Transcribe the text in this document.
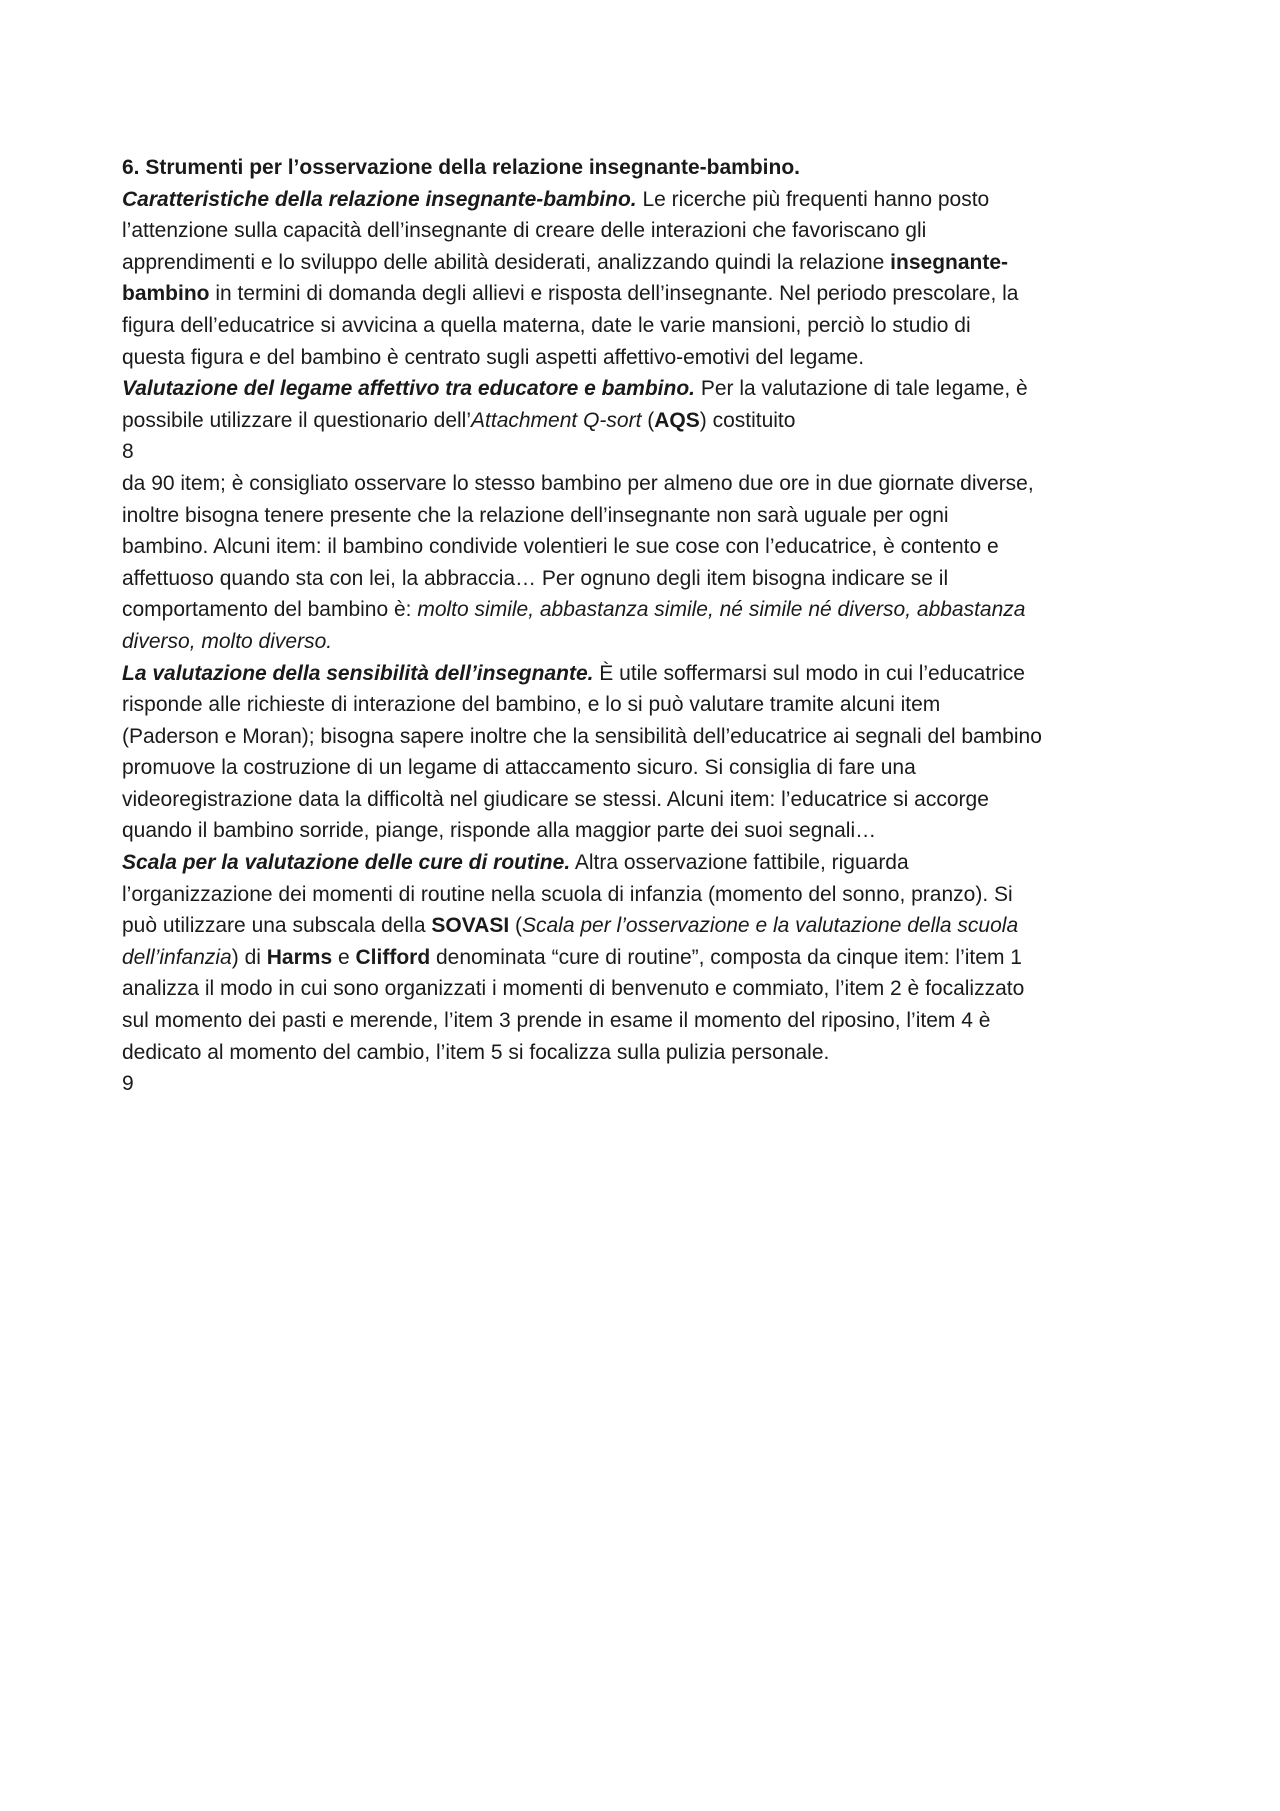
6. Strumenti per l’osservazione della relazione insegnante-bambino.
Caratteristiche della relazione insegnante-bambino. Le ricerche più frequenti hanno posto
l’attenzione sulla capacità dell’insegnante di creare delle interazioni che favoriscano gli
apprendimenti e lo sviluppo delle abilità desiderati, analizzando quindi la relazione insegnante-
bambino in termini di domanda degli allievi e risposta dell’insegnante. Nel periodo prescolare, la
figura dell’educatrice si avvicina a quella materna, date le varie mansioni, perciò lo studio di
questa figura e del bambino è centrato sugli aspetti affettivo-emotivi del legame.
Valutazione del legame affettivo tra educatore e bambino. Per la valutazione di tale legame, è
possibile utilizzare il questionario dell’Attachment Q-sort (AQS) costituito
8
da 90 item; è consigliato osservare lo stesso bambino per almeno due ore in due giornate diverse,
inoltre bisogna tenere presente che la relazione dell’insegnante non sarà uguale per ogni
bambino. Alcuni item: il bambino condivide volentieri le sue cose con l’educatrice, è contento e
affettuoso quando sta con lei, la abbraccia… Per ognuno degli item bisogna indicare se il
comportamento del bambino è: molto simile, abbastanza simile, né simile né diverso, abbastanza
diverso, molto diverso.
La valutazione della sensibilità dell’insegnante. È utile soffermarsi sul modo in cui l’educatrice
risponde alle richieste di interazione del bambino, e lo si può valutare tramite alcuni item
(Paderson e Moran); bisogna sapere inoltre che la sensibilità dell’educatrice ai segnali del bambino
promuove la costruzione di un legame di attaccamento sicuro. Si consiglia di fare una
videoregistrazione data la difficoltà nel giudicare se stessi. Alcuni item: l’educatrice si accorge
quando il bambino sorride, piange, risponde alla maggior parte dei suoi segnali…
Scala per la valutazione delle cure di routine. Altra osservazione fattibile, riguarda
l’organizzazione dei momenti di routine nella scuola di infanzia (momento del sonno, pranzo). Si
può utilizzare una subscala della SOVASI (Scala per l’osservazione e la valutazione della scuola
dell’infanzia) di Harms e Clifford denominata “cure di routine”, composta da cinque item: l’item 1
analizza il modo in cui sono organizzati i momenti di benvenuto e commiato, l’item 2 è focalizzato
sul momento dei pasti e merende, l’item 3 prende in esame il momento del riposino, l’item 4 è
dedicato al momento del cambio, l’item 5 si focalizza sulla pulizia personale.
9
